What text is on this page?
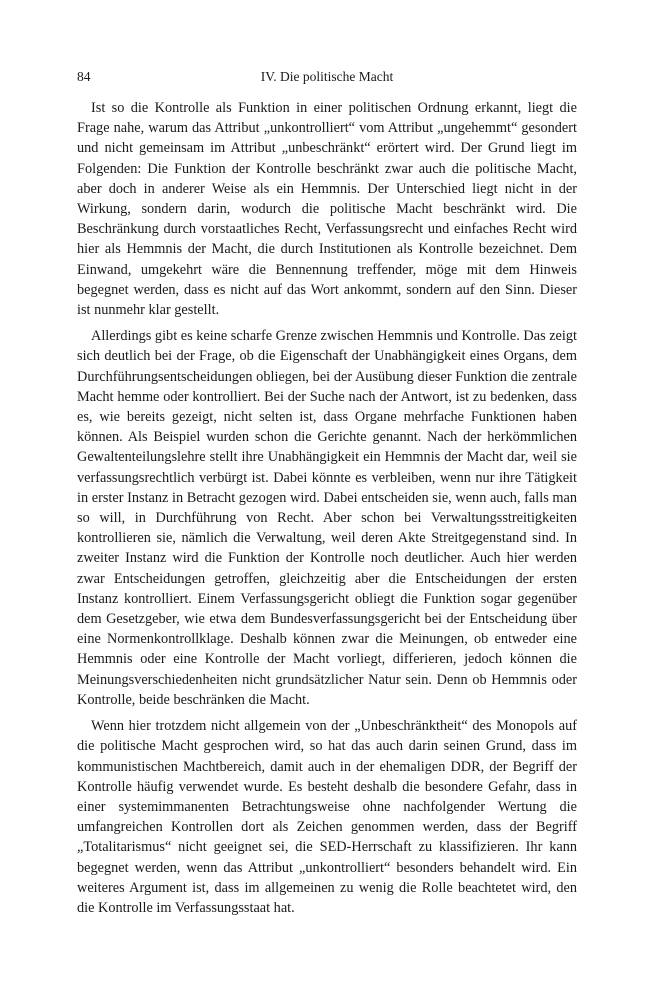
84	IV. Die politische Macht

Ist so die Kontrolle als Funktion in einer politischen Ordnung erkannt, liegt die Frage nahe, warum das Attribut „unkontrolliert“ vom Attribut „ungehemmt“ gesondert und nicht gemeinsam im Attribut „unbeschränkt“ erörtert wird. Der Grund liegt im Folgenden: Die Funktion der Kontrolle beschränkt zwar auch die politische Macht, aber doch in anderer Weise als ein Hemmnis. Der Unterschied liegt nicht in der Wirkung, sondern darin, wodurch die politische Macht beschränkt wird. Die Beschränkung durch vorstaatliches Recht, Verfassungsrecht und einfaches Recht wird hier als Hemmnis der Macht, die durch Institutionen als Kontrolle bezeichnet. Dem Einwand, umgekehrt wäre die Bennennung treffender, möge mit dem Hinweis begegnet werden, dass es nicht auf das Wort ankommt, sondern auf den Sinn. Dieser ist nunmehr klar gestellt.

Allerdings gibt es keine scharfe Grenze zwischen Hemmnis und Kontrolle. Das zeigt sich deutlich bei der Frage, ob die Eigenschaft der Unabhängigkeit eines Organs, dem Durchführungsentscheidungen obliegen, bei der Ausübung dieser Funktion die zentrale Macht hemme oder kontrolliert. Bei der Suche nach der Antwort, ist zu bedenken, dass es, wie bereits gezeigt, nicht selten ist, dass Organe mehrfache Funktionen haben können. Als Beispiel wurden schon die Gerichte genannt. Nach der herkömmlichen Gewaltenteilungslehre stellt ihre Unabhängigkeit ein Hemmnis der Macht dar, weil sie verfassungsrechtlich verbürgt ist. Dabei könnte es verbleiben, wenn nur ihre Tätigkeit in erster Instanz in Betracht gezogen wird. Dabei entscheiden sie, wenn auch, falls man so will, in Durchführung von Recht. Aber schon bei Verwaltungsstreitigkeiten kontrollieren sie, nämlich die Verwaltung, weil deren Akte Streitgegenstand sind. In zweiter Instanz wird die Funktion der Kontrolle noch deutlicher. Auch hier werden zwar Entscheidungen getroffen, gleichzeitig aber die Entscheidungen der ersten Instanz kontrolliert. Einem Verfassungsgericht obliegt die Funktion sogar gegenüber dem Gesetzgeber, wie etwa dem Bundesverfassungsgericht bei der Entscheidung über eine Normenkontrollklage. Deshalb können zwar die Meinungen, ob entweder eine Hemmnis oder eine Kontrolle der Macht vorliegt, differieren, jedoch können die Meinungsverschiedenheiten nicht grundsätzlicher Natur sein. Denn ob Hemmnis oder Kontrolle, beide beschränken die Macht.

Wenn hier trotzdem nicht allgemein von der „Unbeschränktheit“ des Monopols auf die politische Macht gesprochen wird, so hat das auch darin seinen Grund, dass im kommunistischen Machtbereich, damit auch in der ehemaligen DDR, der Begriff der Kontrolle häufig verwendet wurde. Es besteht deshalb die besondere Gefahr, dass in einer systemimmanenten Betrachtungsweise ohne nachfolgender Wertung die umfangreichen Kontrollen dort als Zeichen genommen werden, dass der Begriff „Totalitarismus“ nicht geeignet sei, die SED-Herrschaft zu klassifizieren. Ihr kann begegnet werden, wenn das Attribut „unkontrolliert“ besonders behandelt wird. Ein weiteres Argument ist, dass im allgemeinen zu wenig die Rolle beachtetet wird, den die Kontrolle im Verfassungsstaat hat.
